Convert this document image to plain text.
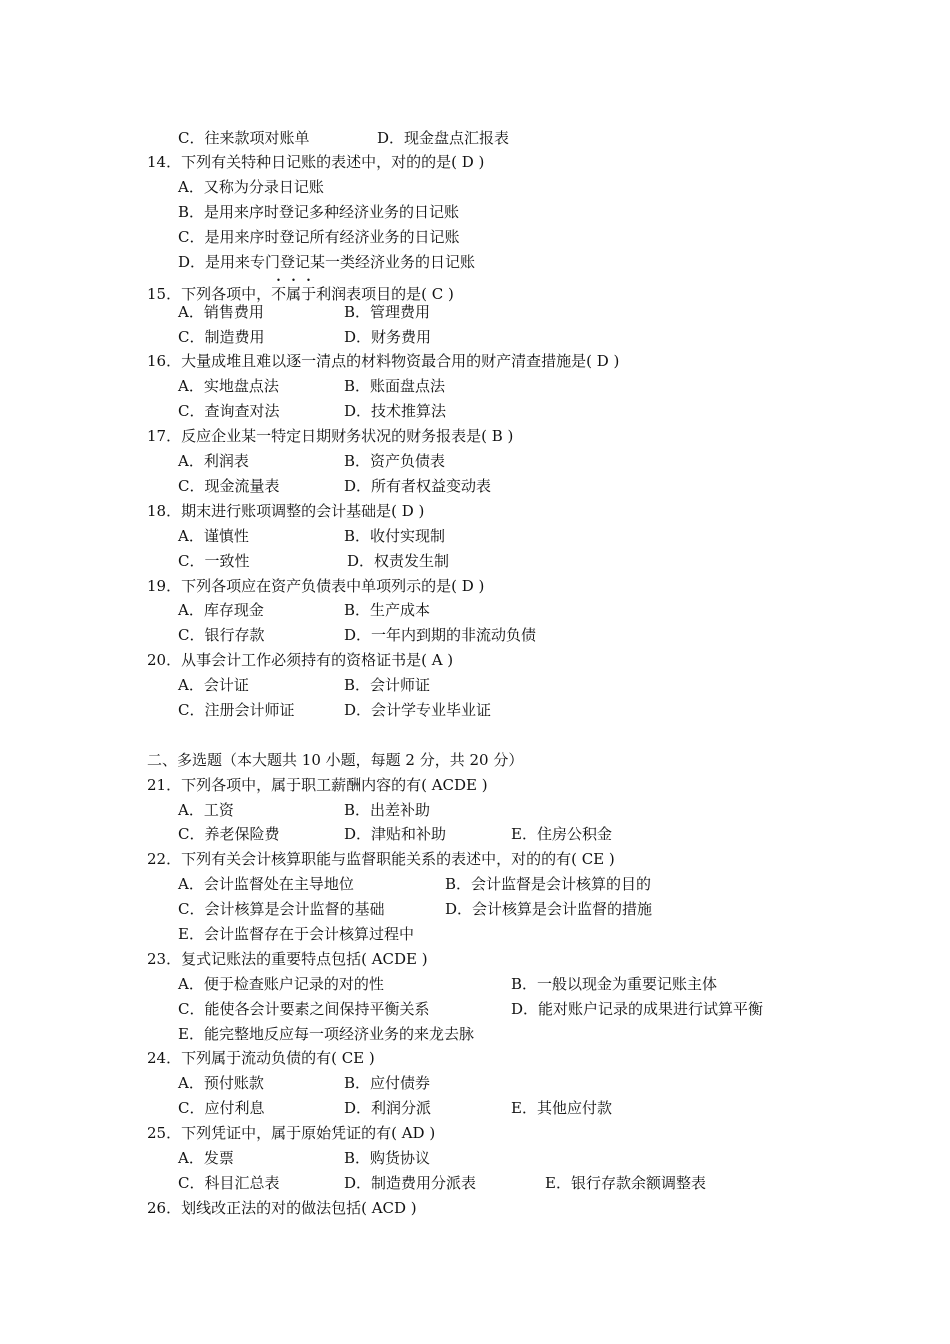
C．往来款项对账单	D．现金盘点汇报表
14．下列有关特种日记账的表述中，对的的是( D )
A．又称为分录日记账
B．是用来序时登记多种经济业务的日记账
C．是用来序时登记所有经济业务的日记账
D．是用来专门登记某一类经济业务的日记账
15．下列各项中，不属于利润表项目的是( C )
A．销售费用	B．管理费用
C．制造费用	D．财务费用
16．大量成堆且难以逐一清点的材料物资最合用的财产清查措施是( D )
A．实地盘点法	B．账面盘点法
C．查询查对法	D．技术推算法
17．反应企业某一特定日期财务状况的财务报表是( B )
A．利润表	B．资产负债表
C．现金流量表	D．所有者权益变动表
18．期末进行账项调整的会计基础是( D )
A．谨慎性	B．收付实现制
C．一致性	D．权责发生制
19．下列各项应在资产负债表中单项列示的是( D )
A．库存现金	B．生产成本
C．银行存款	D．一年内到期的非流动负债
20．从事会计工作必须持有的资格证书是( A )
A．会计证	B．会计师证
C．注册会计师证	D．会计学专业毕业证
二、多选题（本大题共 10 小题，每题 2 分，共 20 分）
21．下列各项中，属于职工薪酬内容的有( ACDE )
A．工资	B．出差补助
C．养老保险费	D．津贴和补助	E．住房公积金
22．下列有关会计核算职能与监督职能关系的表述中，对的的有( CE )
A．会计监督处在主导地位	B．会计监督是会计核算的目的
C．会计核算是会计监督的基础	D．会计核算是会计监督的措施
E．会计监督存在于会计核算过程中
23．复式记账法的重要特点包括( ACDE )
A．便于检查账户记录的对的性	B．一般以现金为重要记账主体
C．能使各会计要素之间保持平衡关系	D．能对账户记录的成果进行试算平衡
E．能完整地反应每一项经济业务的来龙去脉
24．下列属于流动负债的有( CE )
A．预付账款	B．应付债券
C．应付利息	D．利润分派	E．其他应付款
25．下列凭证中，属于原始凭证的有( AD )
A．发票	B．购货协议
C．科目汇总表	D．制造费用分派表	E．银行存款余额调整表
26．划线改正法的对的做法包括( ACD )
